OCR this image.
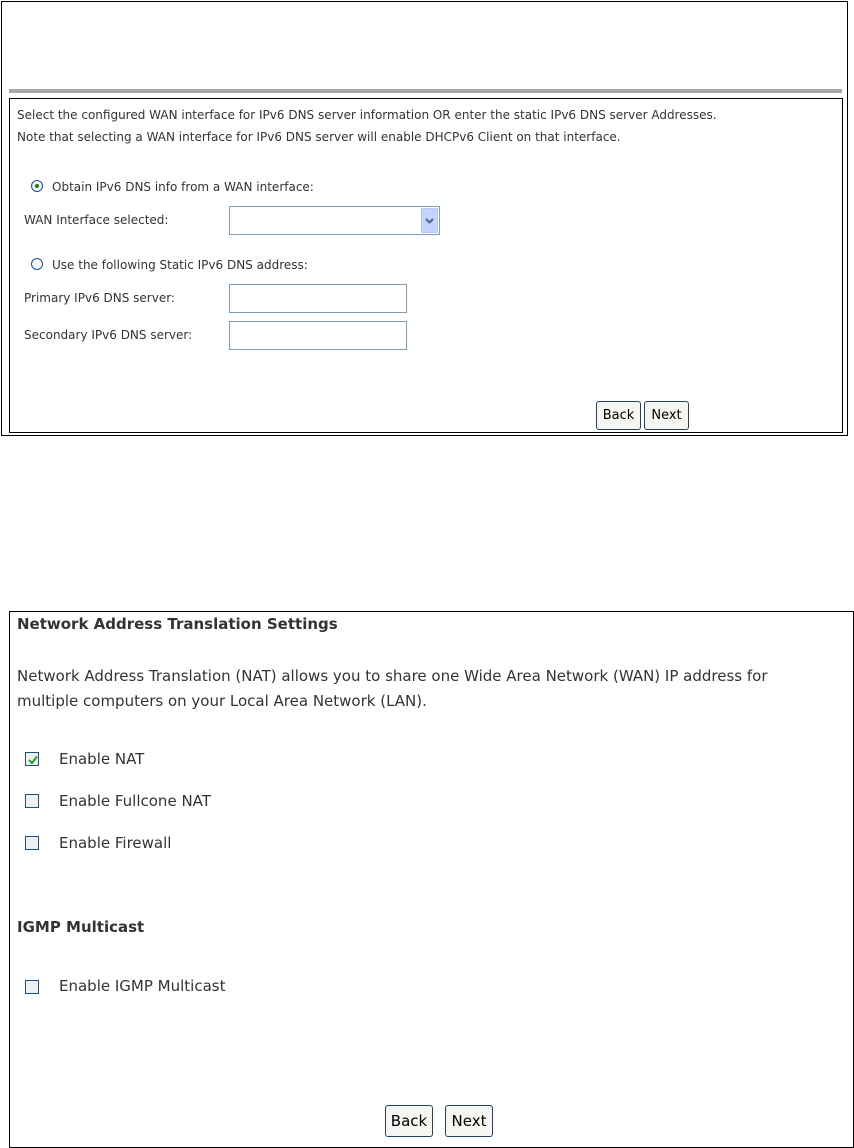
Select the configured WAN interface for IPv6 DNS server information OR enter the static IPv6 DNS server Addresses.
Note that selecting a WAN interface for IPv6 DNS server will enable DHCPv6 Client on that interface.
Obtain IPv6 DNS info from a WAN interface:
WAN Interface selected:
Use the following Static IPv6 DNS address:
Primary IPv6 DNS server:
Secondary IPv6 DNS server:
Back	Next
Network Address Translation Settings
Network Address Translation (NAT) allows you to share one Wide Area Network (WAN) IP address for
multiple computers on your Local Area Network (LAN).
Enable NAT
Enable Fullcone NAT
Enable Firewall
IGMP Multicast
Enable IGMP Multicast
Back	Next
